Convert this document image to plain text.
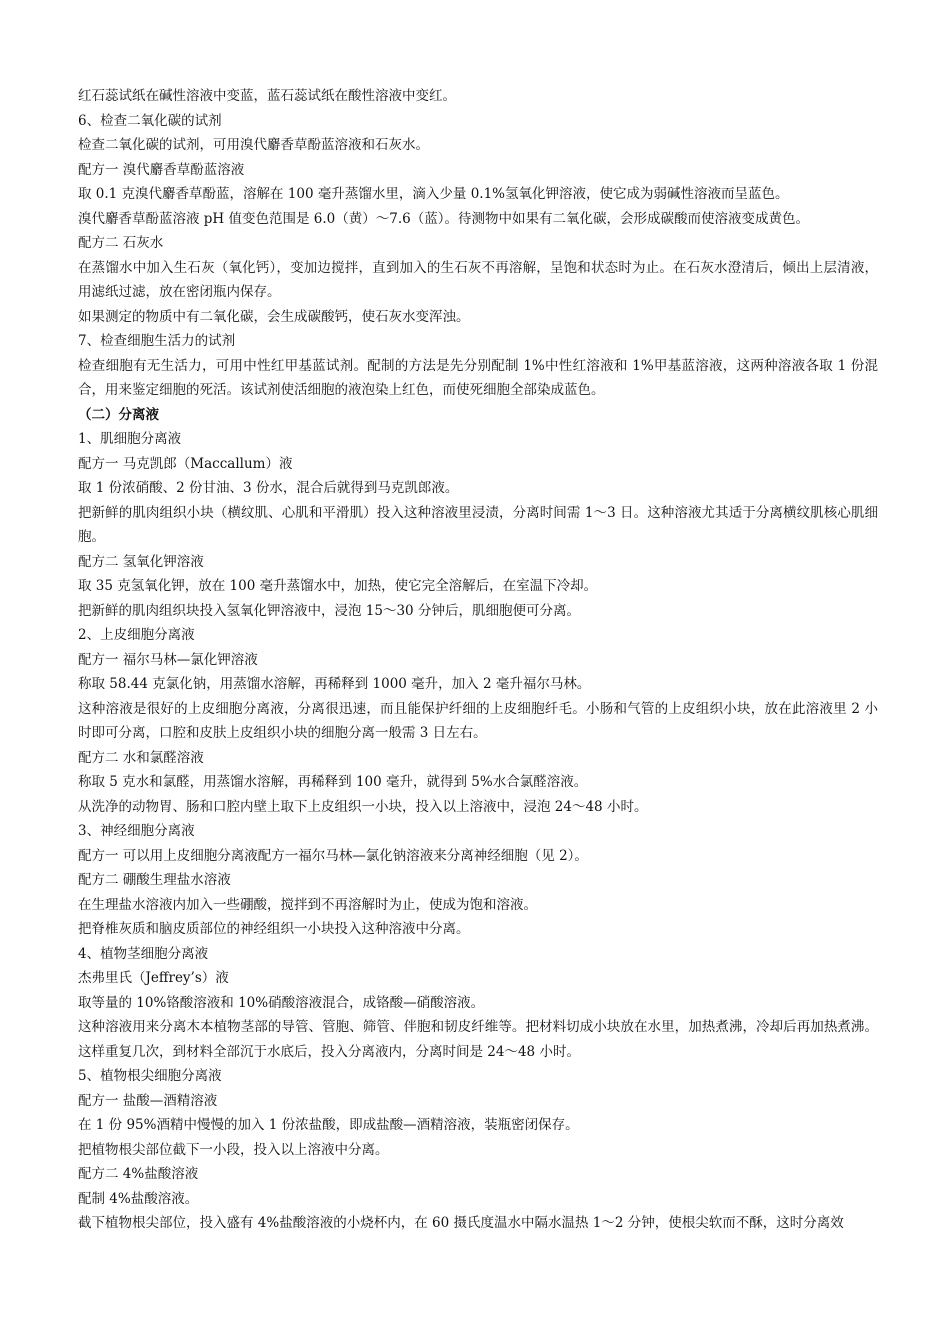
红石蕊试纸在碱性溶液中变蓝，蓝石蕊试纸在酸性溶液中变红。

6、检查二氧化碳的试剂

检查二氧化碳的试剂，可用溴代麝香草酚蓝溶液和石灰水。

配方一 溴代麝香草酚蓝溶液

取 0.1 克溴代麝香草酚蓝，溶解在 100 毫升蒸馏水里，滴入少量 0.1%氢氧化钾溶液，使它成为弱碱性溶液而呈蓝色。

溴代麝香草酚蓝溶液 pH 值变色范围是 6.0（黄）～7.6（蓝）。待测物中如果有二氧化碳，会形成碳酸而使溶液变成黄色。

配方二 石灰水

在蒸馏水中加入生石灰（氧化钙），变加边搅拌，直到加入的生石灰不再溶解，呈饱和状态时为止。在石灰水澄清后，倾出上层清液，用滤纸过滤，放在密闭瓶内保存。

如果测定的物质中有二氧化碳，会生成碳酸钙，使石灰水变浑浊。

7、检查细胞生活力的试剂

检查细胞有无生活力，可用中性红甲基蓝试剂。配制的方法是先分别配制 1%中性红溶液和 1%甲基蓝溶液，这两种溶液各取 1 份混合，用来鉴定细胞的死活。该试剂使活细胞的液泡染上红色，而使死细胞全部染成蓝色。

（二）分离液

1、肌细胞分离液

配方一 马克凯郎（Maccallum）液

取 1 份浓硝酸、2 份甘油、3 份水，混合后就得到马克凯郎液。

把新鲜的肌肉组织小块（横纹肌、心肌和平滑肌）投入这种溶液里浸渍，分离时间需 1～3 日。这种溶液尤其适于分离横纹肌核心肌细胞。

配方二 氢氧化钾溶液

取 35 克氢氧化钾，放在 100 毫升蒸馏水中，加热，使它完全溶解后，在室温下冷却。

把新鲜的肌肉组织块投入氢氧化钾溶液中，浸泡 15～30 分钟后，肌细胞便可分离。

2、上皮细胞分离液

配方一 福尔马林—氯化钾溶液

称取 58.44 克氯化钠，用蒸馏水溶解，再稀释到 1000 毫升，加入 2 毫升福尔马林。

这种溶液是很好的上皮细胞分离液，分离很迅速，而且能保护纤细的上皮细胞纤毛。小肠和气管的上皮组织小块，放在此溶液里 2 小时即可分离，口腔和皮肤上皮组织小块的细胞分离一般需 3 日左右。

配方二 水和氯醛溶液

称取 5 克水和氯醛，用蒸馏水溶解，再稀释到 100 毫升，就得到 5%水合氯醛溶液。

从洗净的动物胃、肠和口腔内壁上取下上皮组织一小块，投入以上溶液中，浸泡 24～48 小时。

3、神经细胞分离液

配方一 可以用上皮细胞分离液配方一福尔马林—氯化钠溶液来分离神经细胞（见 2）。

配方二 硼酸生理盐水溶液

在生理盐水溶液内加入一些硼酸，搅拌到不再溶解时为止，使成为饱和溶液。

把脊椎灰质和脑皮质部位的神经组织一小块投入这种溶液中分离。

4、植物茎细胞分离液

杰弗里氏（Jeffrey’s）液

取等量的 10%铬酸溶液和 10%硝酸溶液混合，成铬酸—硝酸溶液。

这种溶液用来分离木本植物茎部的导管、管胞、筛管、伴胞和韧皮纤维等。把材料切成小块放在水里，加热煮沸，冷却后再加热煮沸。这样重复几次，到材料全部沉于水底后，投入分离液内，分离时间是 24～48 小时。

5、植物根尖细胞分离液

配方一 盐酸—酒精溶液

在 1 份 95%酒精中慢慢的加入 1 份浓盐酸，即成盐酸—酒精溶液，装瓶密闭保存。

把植物根尖部位截下一小段，投入以上溶液中分离。

配方二 4%盐酸溶液

配制 4%盐酸溶液。

截下植物根尖部位，投入盛有 4%盐酸溶液的小烧杯内，在 60 摄氏度温水中隔水温热 1～2 分钟，使根尖软而不酥，这时分离效
